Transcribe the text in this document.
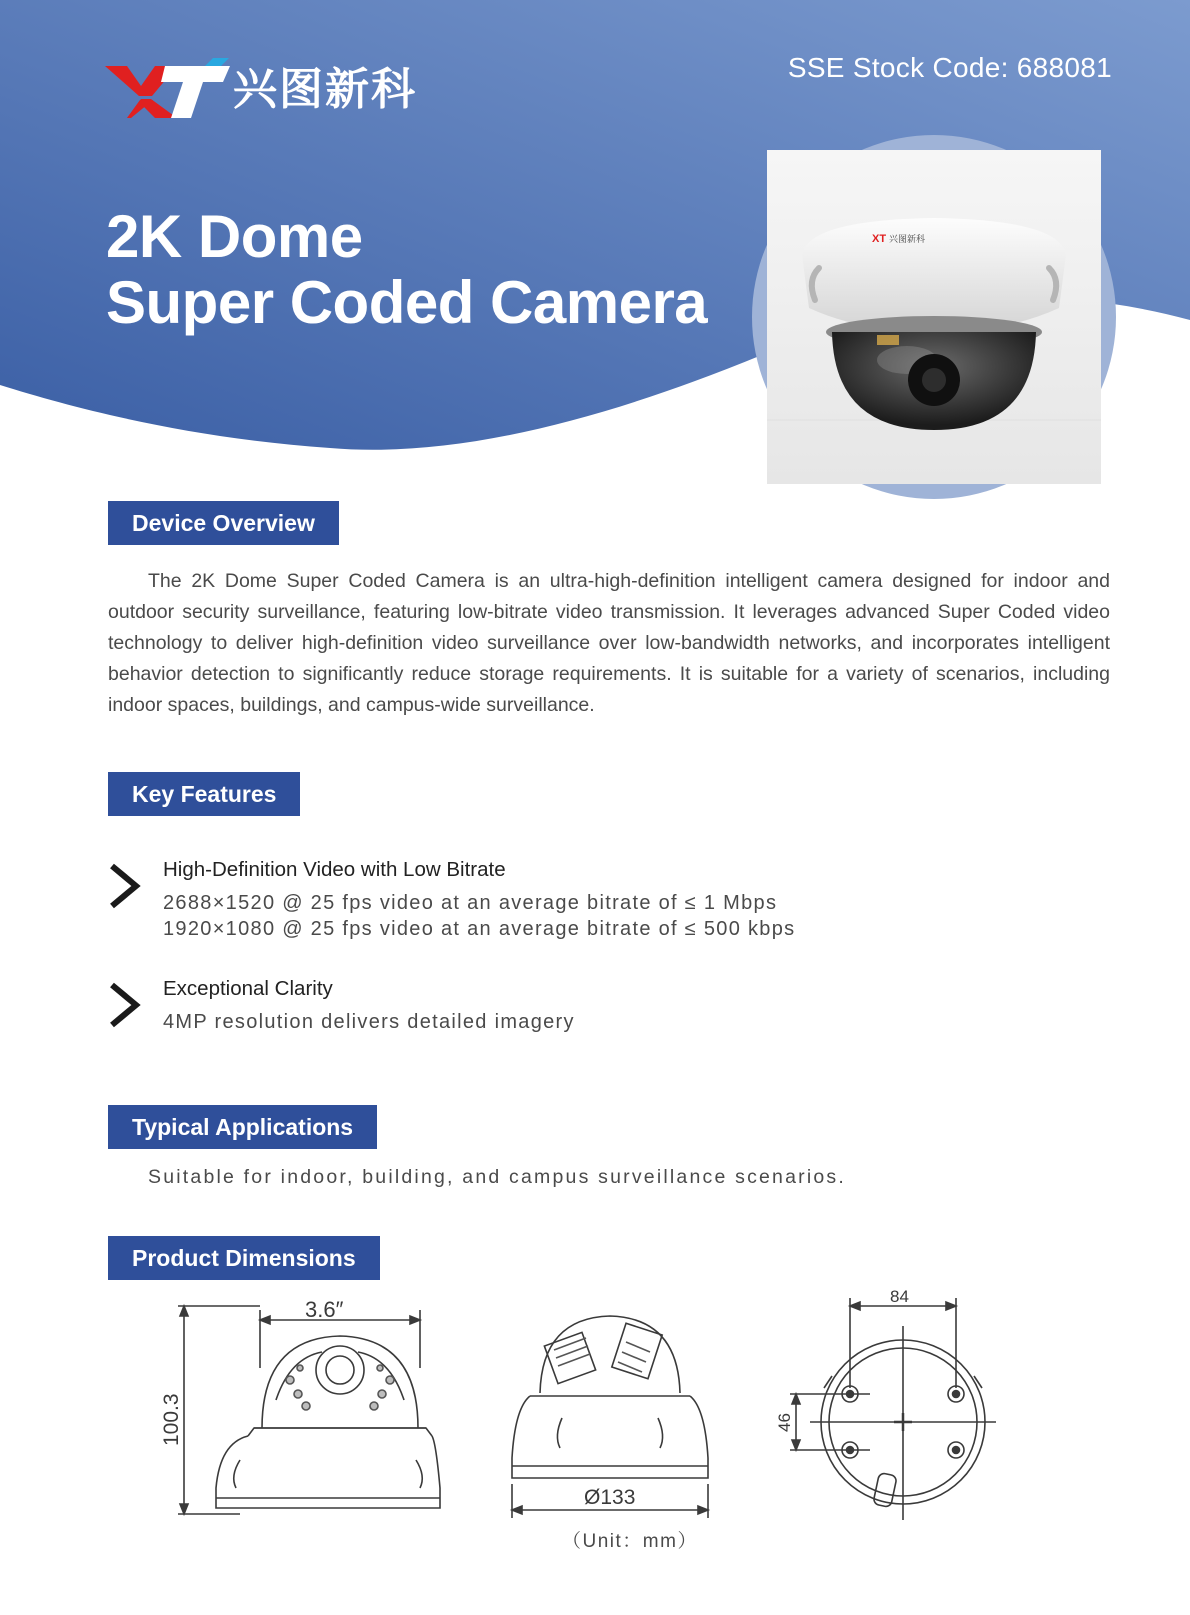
兴图新科	SSE Stock Code: 688081
2K Dome
Super Coded Camera
XT 兴图新科
Device Overview

The 2K Dome Super Coded Camera is an ultra-high-definition intelligent camera designed for indoor and outdoor security surveillance, featuring low-bitrate video transmission. It leverages advanced Super Coded video technology to deliver high-definition video surveillance over low-bandwidth networks, and incorporates intelligent behavior detection to significantly reduce storage requirements. It is suitable for a variety of scenarios, including indoor spaces, buildings, and campus-wide surveillance.

Key Features
High-Definition Video with Low Bitrate
2688×1520 @ 25 fps video at an average bitrate of ≤ 1 Mbps
1920×1080 @ 25 fps video at an average bitrate of ≤ 500 kbps
Exceptional Clarity
4MP resolution delivers detailed imagery
Typical Applications
Suitable for indoor, building, and campus surveillance scenarios.
Product Dimensions
3.6″
100.3
Ø133
84
46
（Unit：mm）
